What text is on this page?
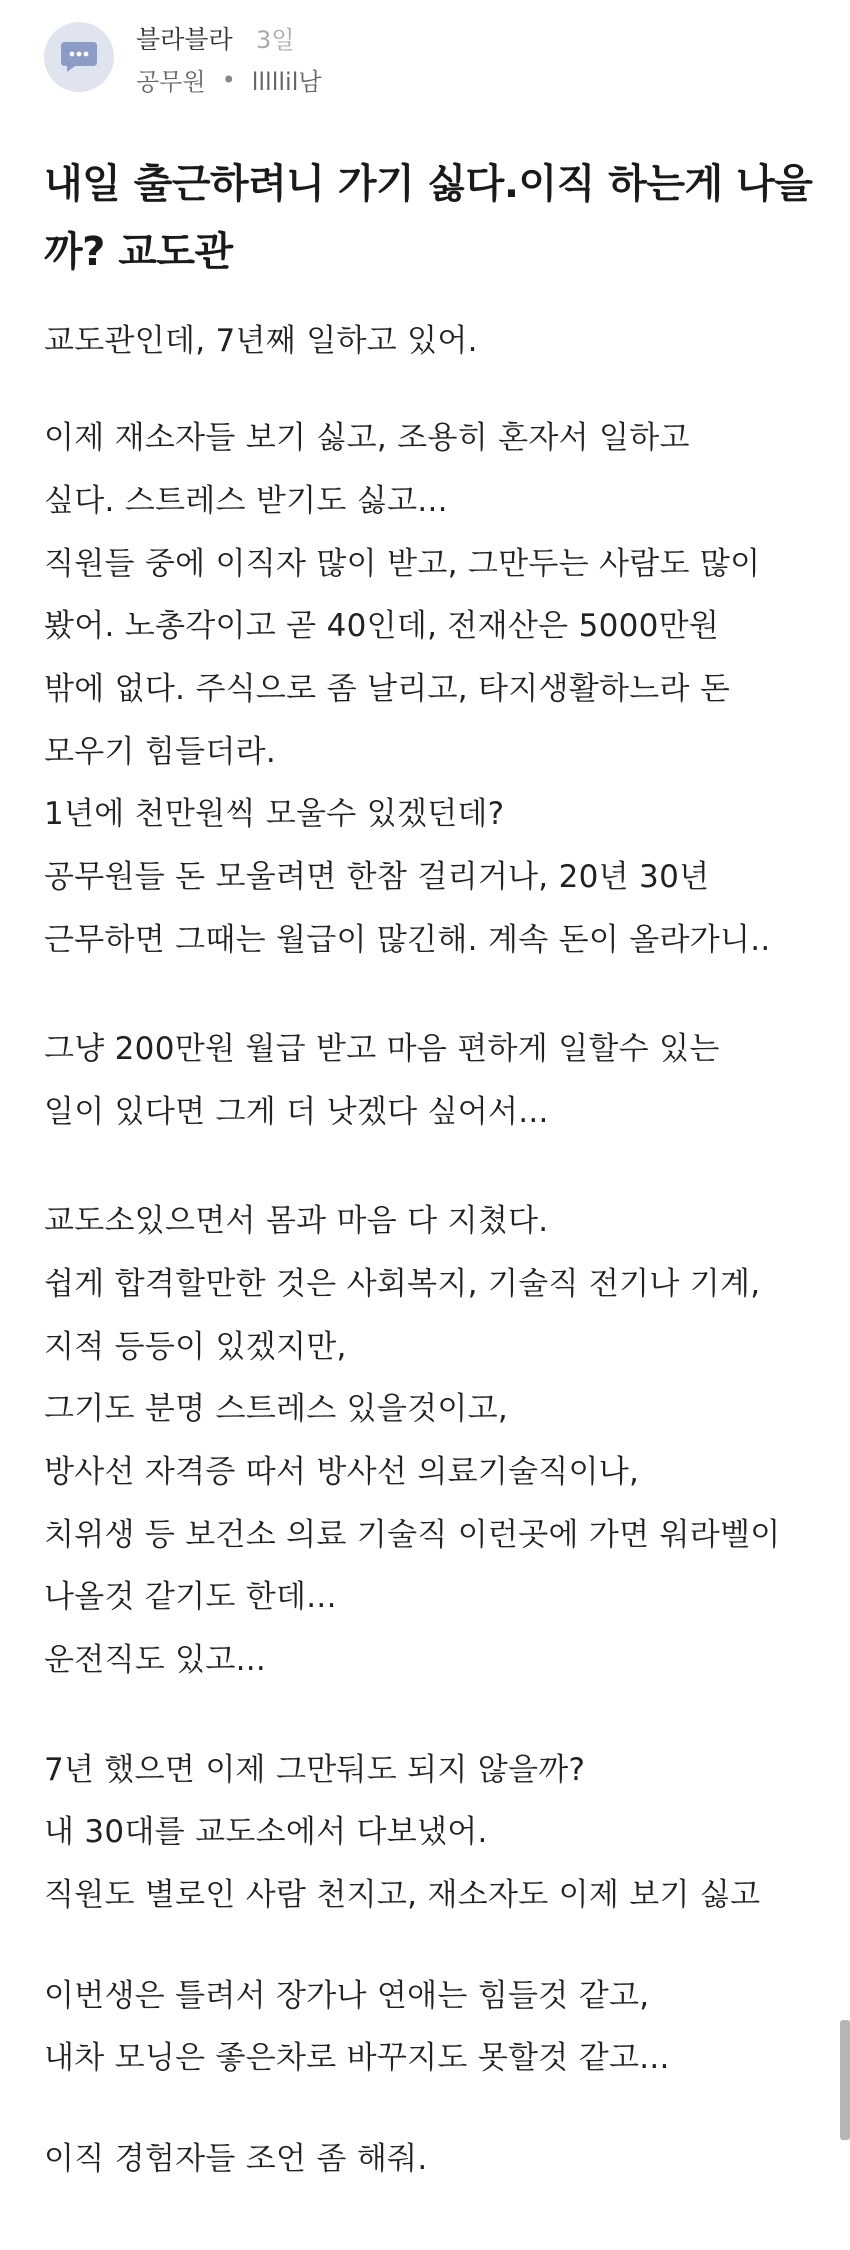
블라블라 3일
공무원 • lllllil남
내일 출근하려니 가기 싫다.이직 하는게 나을까? 교도관
교도관인데, 7년째 일하고 있어.
이제 재소자들 보기 싫고, 조용히 혼자서 일하고
싶다. 스트레스 받기도 싫고...
직원들 중에 이직자 많이 받고, 그만두는 사람도 많이
봤어. 노총각이고 곧 40인데, 전재산은 5000만원
밖에 없다. 주식으로 좀 날리고, 타지생활하느라 돈
모우기 힘들더라.
1년에 천만원씩 모울수 있겠던데?
공무원들 돈 모울려면 한참 걸리거나, 20년 30년
근무하면 그때는 월급이 많긴해. 계속 돈이 올라가니..
그냥 200만원 월급 받고 마음 편하게 일할수 있는
일이 있다면 그게 더 낫겠다 싶어서...
교도소있으면서 몸과 마음 다 지쳤다.
쉽게 합격할만한 것은 사회복지, 기술직 전기나 기계,
지적 등등이 있겠지만,
그기도 분명 스트레스 있을것이고,
방사선 자격증 따서 방사선 의료기술직이나,
치위생 등 보건소 의료 기술직 이런곳에 가면 워라벨이
나올것 같기도 한데...
운전직도 있고...
7년 했으면 이제 그만둬도 되지 않을까?
내 30대를 교도소에서 다보냈어.
직원도 별로인 사람 천지고, 재소자도 이제 보기 싫고
이번생은 틀려서 장가나 연애는 힘들것 같고,
내차 모닝은 좋은차로 바꾸지도 못할것 같고...
이직 경험자들 조언 좀 해줘.
